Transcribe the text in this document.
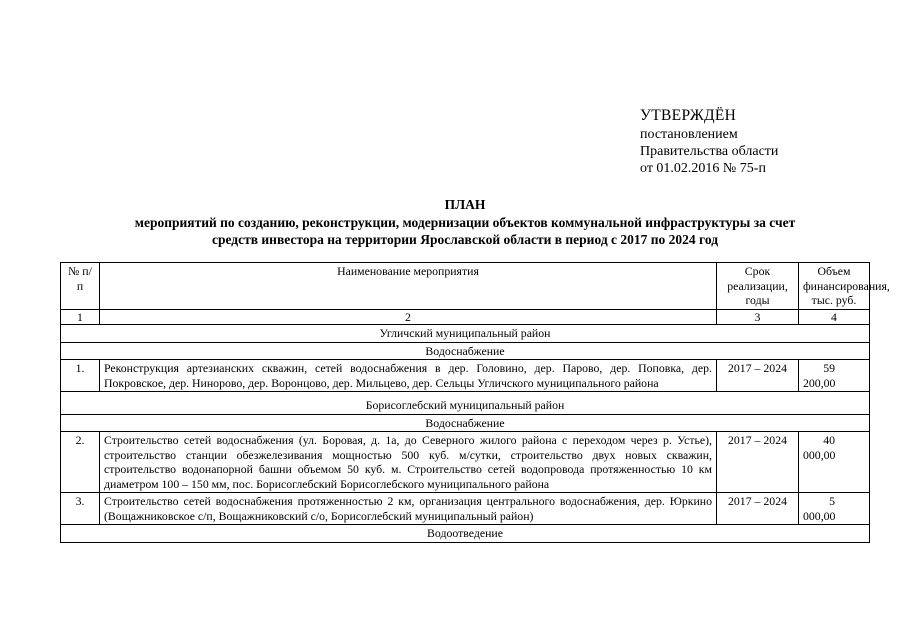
УТВЕРЖДЁН
постановлением
Правительства области
от 01.02.2016 № 75-п
ПЛАН
мероприятий по созданию, реконструкции, модернизации объектов коммунальной инфраструктуры за счет
средств инвестора на территории Ярославской области в период с 2017 по 2024 год
№ п/п	Наименование мероприятия	Срок реализации, годы	Объем финансирования, тыс. руб.
1	2	3	4
Угличский муниципальный район			
Водоснабжение			
1.	Реконструкция артезианских скважин, сетей водоснабжения в дер. Головино, дер. Парово, дер. Поповка, дер. Покровское, дер. Нинорово, дер. Воронцово, дер. Мильцево, дер. Сельцы Угличского муниципального района	2017 – 2024	59 200,00
Борисоглебский муниципальный район			
Водоснабжение			
2.	Строительство сетей водоснабжения (ул. Боровая, д. 1а, до Северного жилого района с переходом через р. Устье), строительство станции обезжелезивания мощностью 500 куб. м/сутки, строительство двух новых скважин, строительство водонапорной башни объемом 50 куб. м. Строительство сетей водопровода протяженностью 10 км диаметром 100 – 150 мм, пос. Борисоглебский Борисоглебского муниципального района	2017 – 2024	40 000,00
3.	Строительство сетей водоснабжения протяженностью 2 км, организация центрального водоснабжения, дер. Юркино (Вощажниковское с/п, Вощажниковский с/о, Борисоглебский муниципальный район)	2017 – 2024	5 000,00
Водоотведение			
